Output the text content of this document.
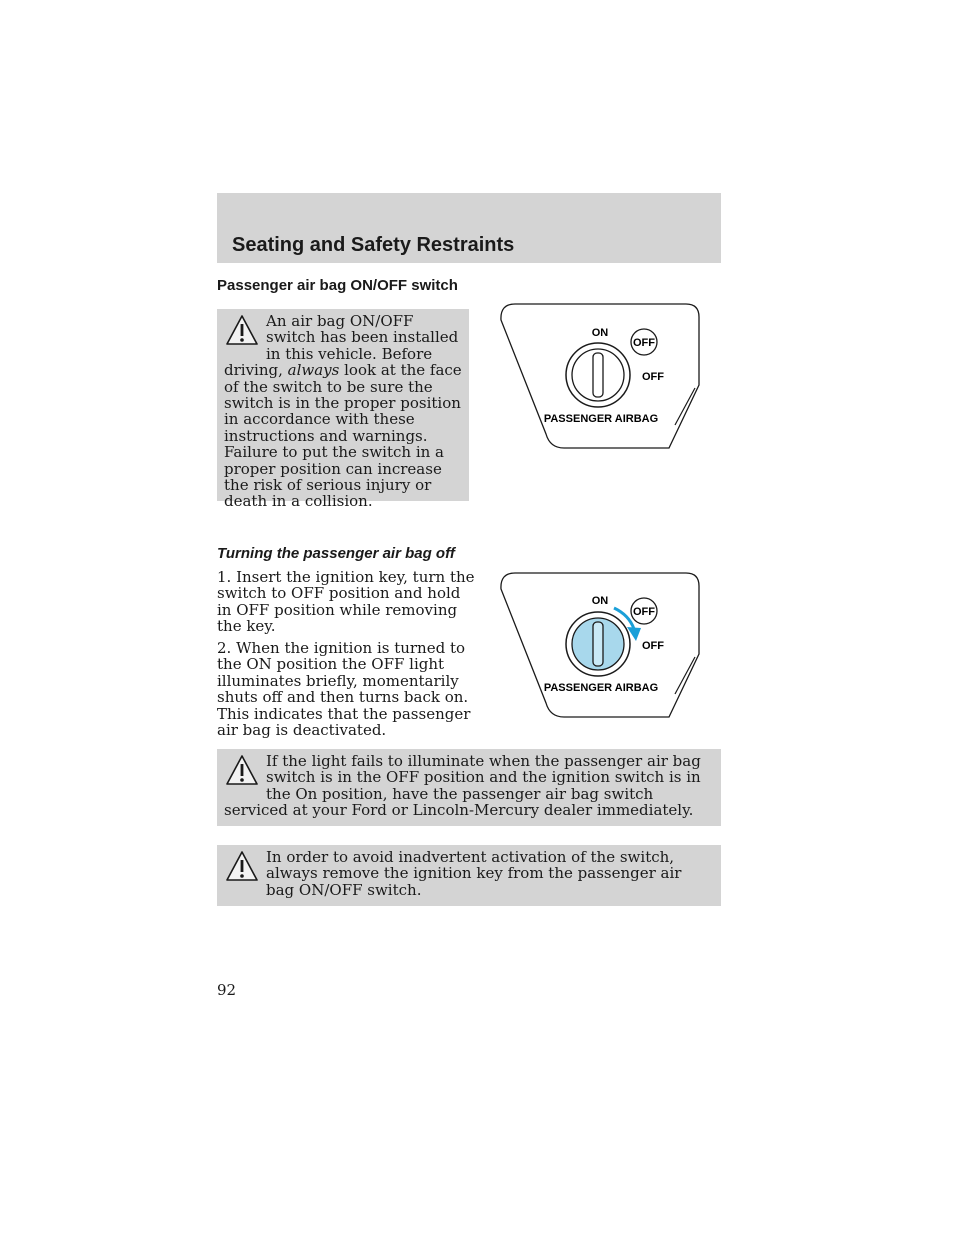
Seating and Safety Restraints
Passenger air bag ON/OFF switch
An air bag ON/OFF switch has been installed in this vehicle. Before driving, always look at the face of the switch to be sure the switch is in the proper position in accordance with these instructions and warnings. Failure to put the switch in a proper position can increase the risk of serious injury or death in a collision.
ON
OFF
OFF
PASSENGER AIRBAG
Turning the passenger air bag off

1. Insert the ignition key, turn the switch to OFF position and hold in OFF position while removing the key.

2. When the ignition is turned to the ON position the OFF light illuminates briefly, momentarily shuts off and then turns back on. This indicates that the passenger air bag is deactivated.

ON
OFF
OFF
PASSENGER AIRBAG
If the light fails to illuminate when the passenger air bag switch is in the OFF position and the ignition switch is in the On position, have the passenger air bag switch serviced at your Ford or Lincoln-Mercury dealer immediately.
In order to avoid inadvertent activation of the switch, always remove the ignition key from the passenger air bag ON/OFF switch.

92
